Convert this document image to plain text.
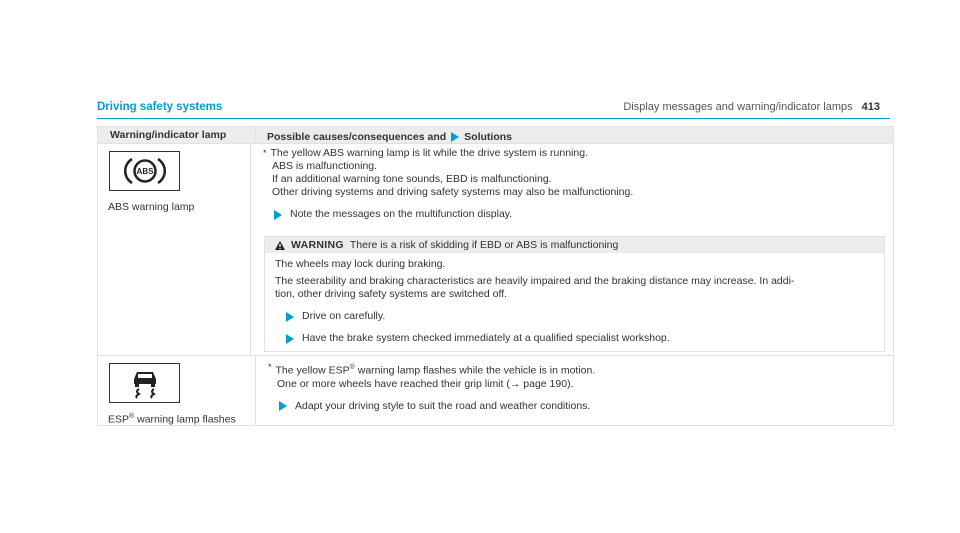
Display messages and warning/indicator lamps 413
Driving safety systems
Warning/indicator lamp	Possible causes/consequences and Solutions
ABS
ABS warning lamp
* The yellow ABS warning lamp is lit while the drive system is running.
ABS is malfunctioning.
If an additional warning tone sounds, EBD is malfunctioning.
Other driving systems and driving safety systems may also be malfunctioning.
Note the messages on the multifunction display.
WARNING There is a risk of skidding if EBD or ABS is malfunctioning
The wheels may lock during braking.
The steerability and braking characteristics are heavily impaired and the braking distance may increase. In addi-
tion, other driving safety systems are switched off.
Drive on carefully.
Have the brake system checked immediately at a qualified specialist workshop.
ESP® warning lamp flashes
* The yellow ESP® warning lamp flashes while the vehicle is in motion.
One or more wheels have reached their grip limit (→ page 190).
Adapt your driving style to suit the road and weather conditions.
